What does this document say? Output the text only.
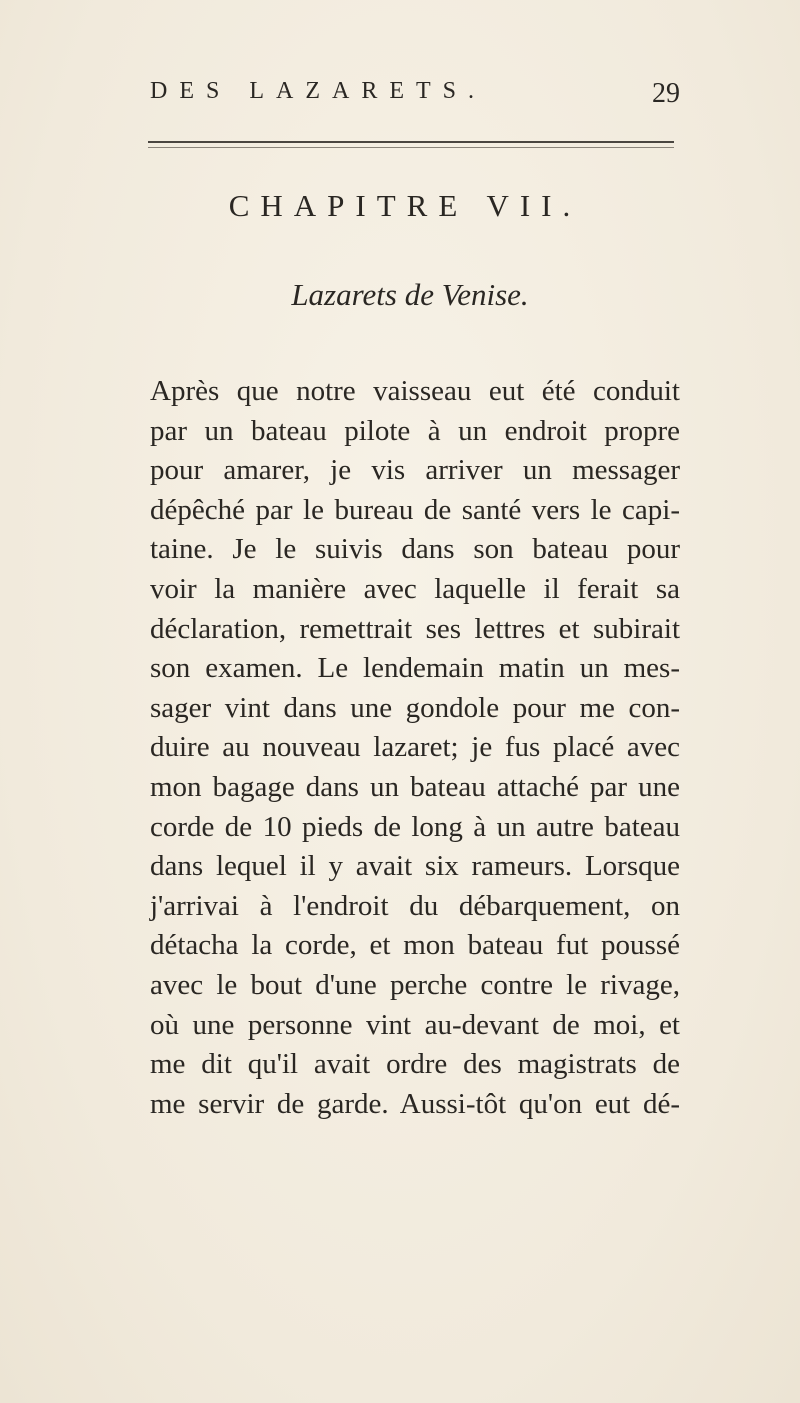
DES LAZARETS.	29
CHAPITRE VII.
Lazarets de Venise.
Après que notre vaisseau eut été conduit
par un bateau pilote à un endroit propre
pour amarer, je vis arriver un messager
dépêché par le bureau de santé vers le capi-
taine. Je le suivis dans son bateau pour
voir la manière avec laquelle il ferait sa
déclaration, remettrait ses lettres et subirait
son examen. Le lendemain matin un mes-
sager vint dans une gondole pour me con-
duire au nouveau lazaret; je fus placé avec
mon bagage dans un bateau attaché par une
corde de 10 pieds de long à un autre bateau
dans lequel il y avait six rameurs. Lorsque
j'arrivai à l'endroit du débarquement, on
détacha la corde, et mon bateau fut poussé
avec le bout d'une perche contre le rivage,
où une personne vint au-devant de moi, et
me dit qu'il avait ordre des magistrats de
me servir de garde. Aussi-tôt qu'on eut dé-
